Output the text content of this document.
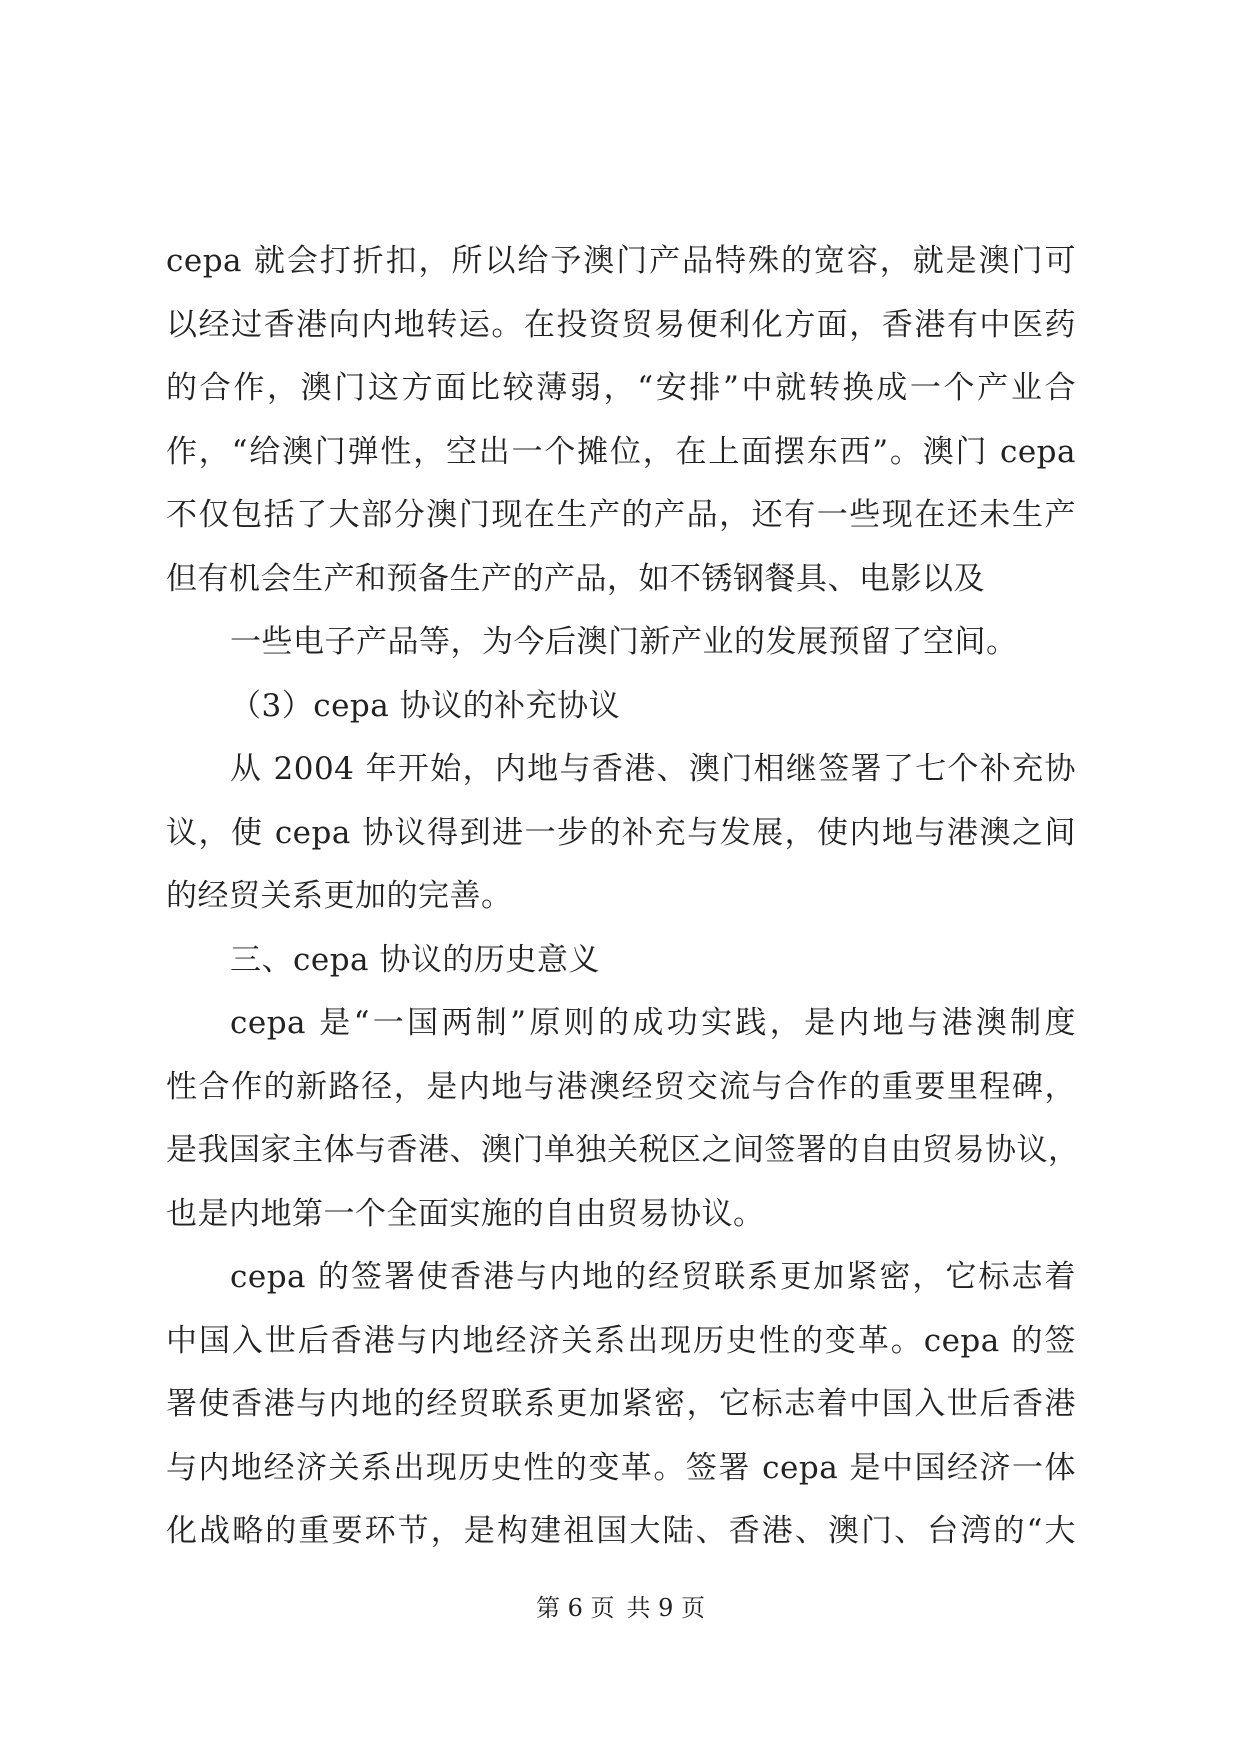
cepa 就会打折扣，所以给予澳门产品特殊的宽容，就是澳门可
以经过香港向内地转运。在投资贸易便利化方面，香港有中医药
的合作，澳门这方面比较薄弱，“安排”中就转换成一个产业合
作，“给澳门弹性，空出一个摊位，在上面摆东西”。澳门 cepa
不仅包括了大部分澳门现在生产的产品，还有一些现在还未生产
但有机会生产和预备生产的产品，如不锈钢餐具、电影以及
一些电子产品等，为今后澳门新产业的发展预留了空间。
（3）cepa 协议的补充协议
从 2004 年开始，内地与香港、澳门相继签署了七个补充协
议，使 cepa 协议得到进一步的补充与发展，使内地与港澳之间
的经贸关系更加的完善。
三、cepa 协议的历史意义
cepa 是“一国两制”原则的成功实践，是内地与港澳制度
性合作的新路径，是内地与港澳经贸交流与合作的重要里程碑，
是我国家主体与香港、澳门单独关税区之间签署的自由贸易协议，
也是内地第一个全面实施的自由贸易协议。
cepa 的签署使香港与内地的经贸联系更加紧密，它标志着
中国入世后香港与内地经济关系出现历史性的变革。cepa 的签
署使香港与内地的经贸联系更加紧密，它标志着中国入世后香港
与内地经济关系出现历史性的变革。签署 cepa 是中国经济一体
化战略的重要环节，是构建祖国大陆、香港、澳门、台湾的“大
第 6 页 共 9 页
